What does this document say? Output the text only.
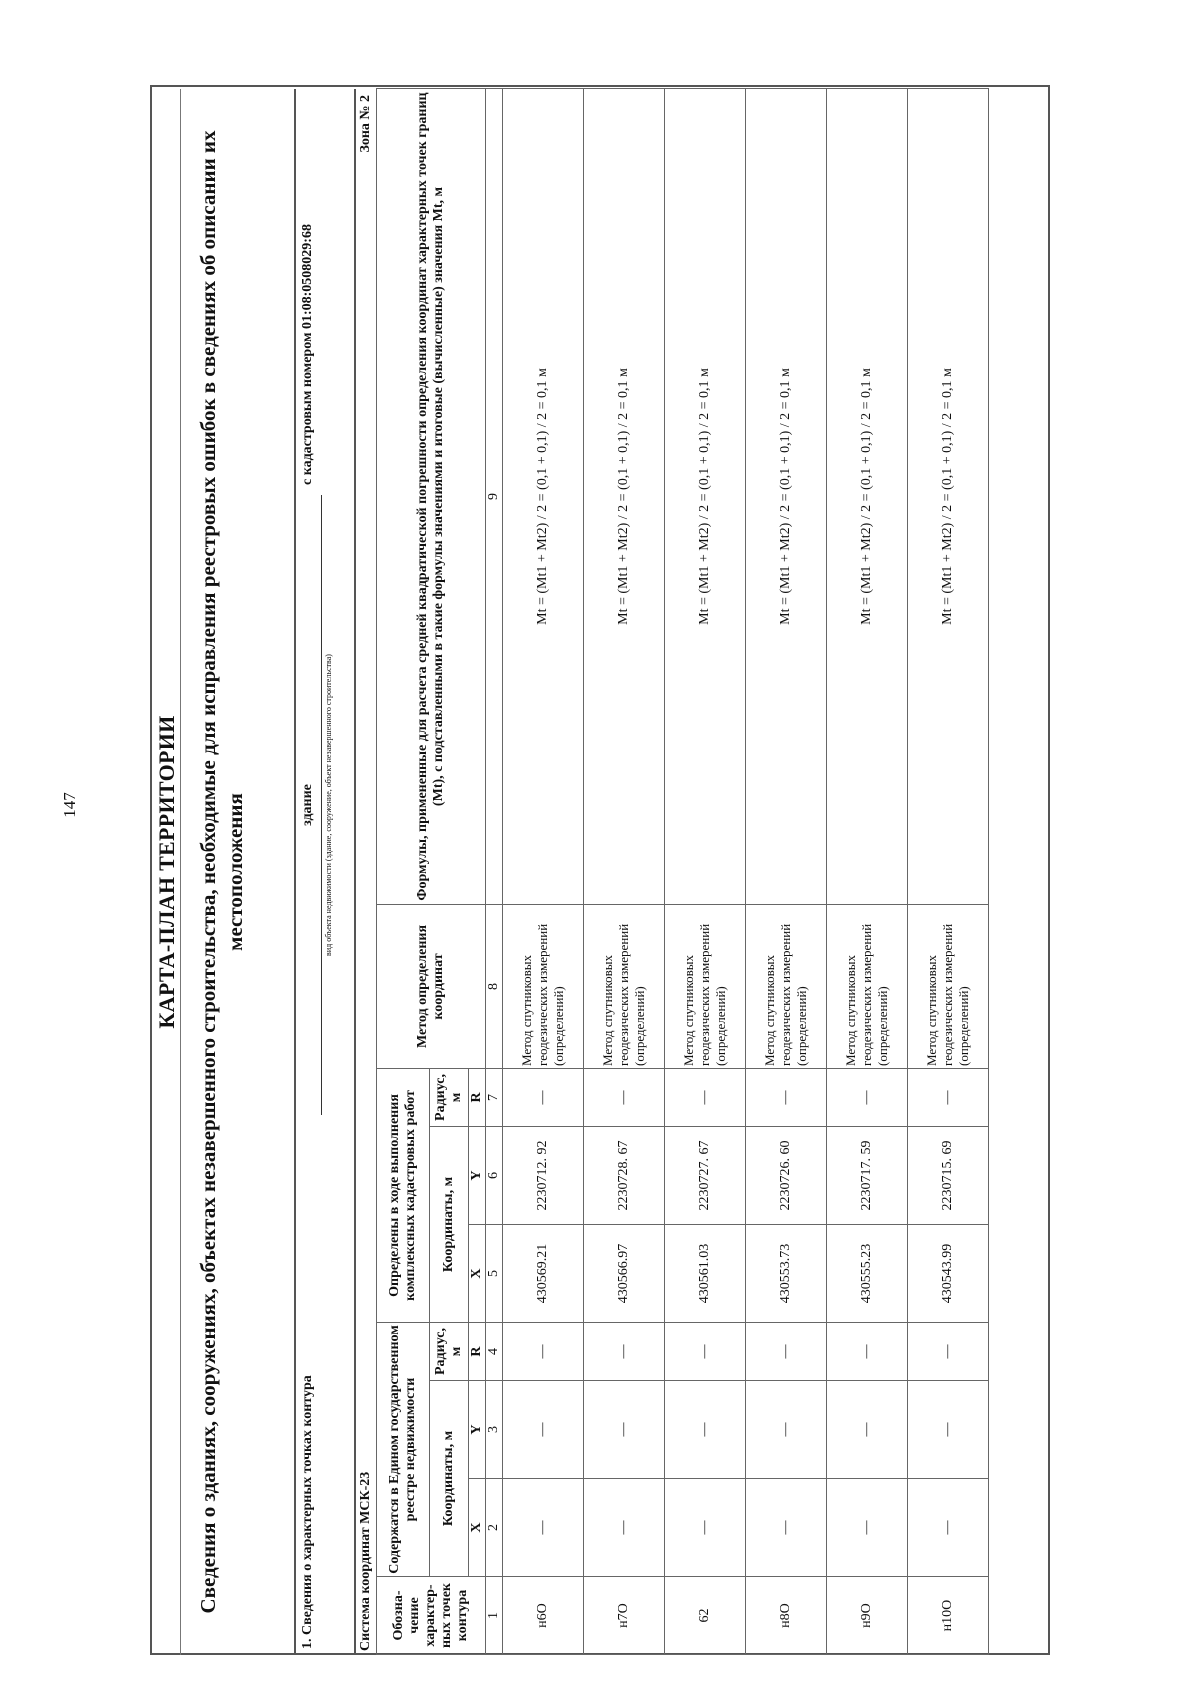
147	КАРТА-ПЛАН ТЕРРИТОРИИ Сведения о зданиях, сооружениях, объектах незавершенного строительства, необходимые для исправления реестровых ошибок в сведениях об описании их местоположения
1. Сведения о характерных точках контура
здание вид объекта недвижимости (здание, сооружение, объект незавершенного строительства)
с кадастровым номером 01:08:0508029:68
Система координат МСК-23
Зона № 2
Обозна-чение характер-ных точек контура	Содержатся в Едином государственном реестре недвижимости			Определены в ходе выполнения комплексных кадастровых работ			Метод определения координат	Формулы, примененные для расчета средней квадратической погрешности определения координат характерных точек границ (Mt), с подставленными в такие формулы значениями и итоговые (вычисленные) значения Mt, м
	Координаты, м		Радиус, м	Координаты, м		Радиус, м		
	X	Y	R	X	Y	R		
1	2	3	4	5	6	7	8	9
н6О	—	—	—	430569.21	2230712. 92	—	Метод спутниковых геодезических измерений (определений)	Mt = (Mt1 + Mt2) / 2 = (0,1 + 0,1) / 2 = 0,1 м
н7О	—	—	—	430566.97	2230728. 67	—	Метод спутниковых геодезических измерений (определений)	Mt = (Mt1 + Mt2) / 2 = (0,1 + 0,1) / 2 = 0,1 м
62	—	—	—	430561.03	2230727. 67	—	Метод спутниковых геодезических измерений (определений)	Mt = (Mt1 + Mt2) / 2 = (0,1 + 0,1) / 2 = 0,1 м
н8О	—	—	—	430553.73	2230726. 60	—	Метод спутниковых геодезических измерений (определений)	Mt = (Mt1 + Mt2) / 2 = (0,1 + 0,1) / 2 = 0,1 м
н9О	—	—	—	430555.23	2230717. 59	—	Метод спутниковых геодезических измерений (определений)	Mt = (Mt1 + Mt2) / 2 = (0,1 + 0,1) / 2 = 0,1 м
н10О	—	—	—	430543.99	2230715. 69	—	Метод спутниковых геодезических измерений (определений)	Mt = (Mt1 + Mt2) / 2 = (0,1 + 0,1) / 2 = 0,1 м
